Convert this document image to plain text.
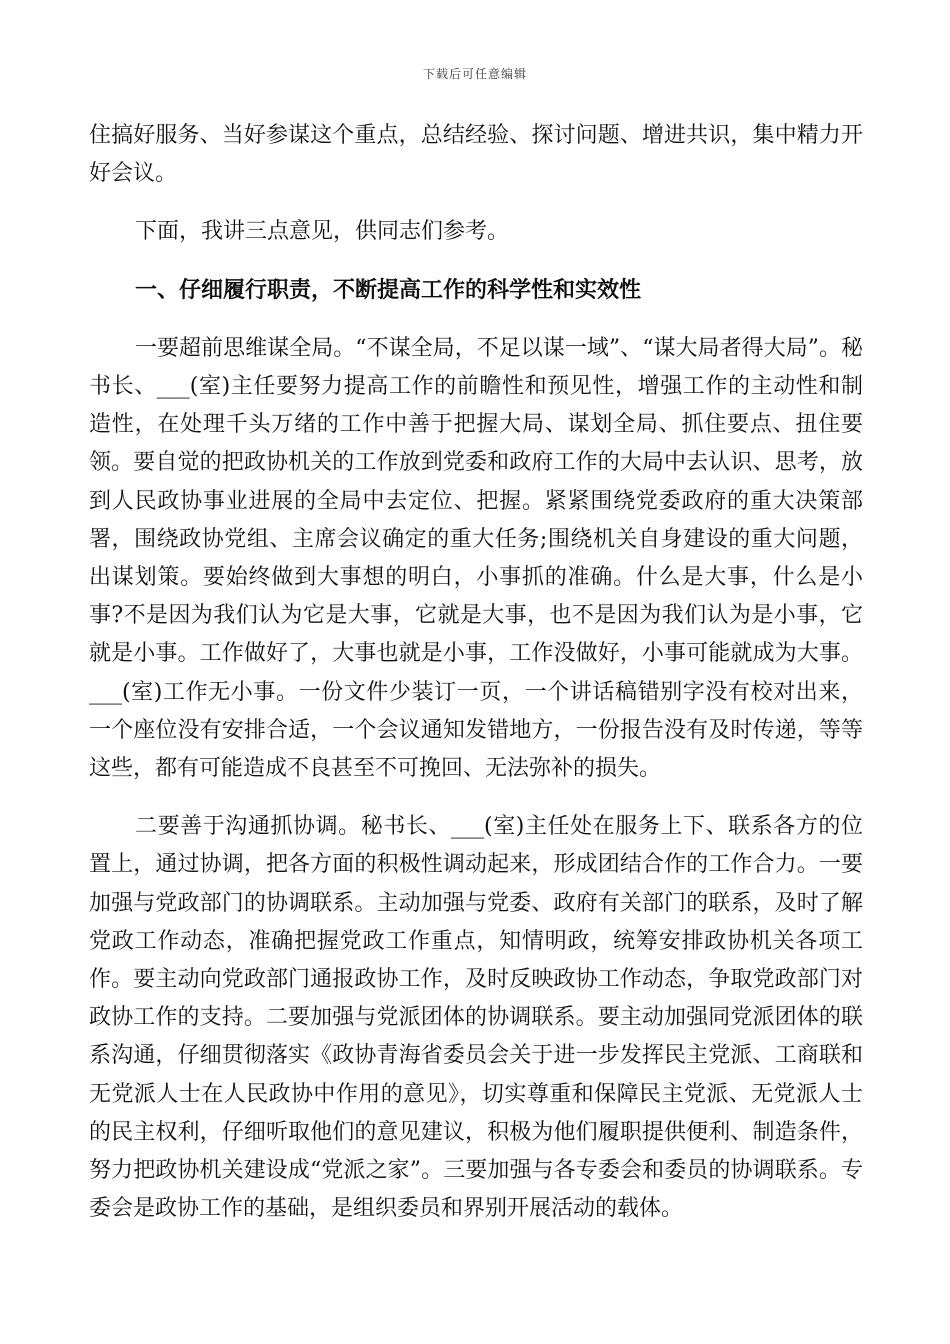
下载后可任意编辑

住搞好服务、当好参谋这个重点，总结经验、探讨问题、增进共识，集中精力开好会议。

下面，我讲三点意见，供同志们参考。

一、仔细履行职责，不断提高工作的科学性和实效性

一要超前思维谋全局。“不谋全局，不足以谋一域”、“谋大局者得大局”。秘书长、___(室)主任要努力提高工作的前瞻性和预见性，增强工作的主动性和制造性，在处理千头万绪的工作中善于把握大局、谋划全局、抓住要点、扭住要领。要自觉的把政协机关的工作放到党委和政府工作的大局中去认识、思考，放到人民政协事业进展的全局中去定位、把握。紧紧围绕党委政府的重大决策部署，围绕政协党组、主席会议确定的重大任务;围绕机关自身建设的重大问题，出谋划策。要始终做到大事想的明白，小事抓的准确。什么是大事，什么是小事?不是因为我们认为它是大事，它就是大事，也不是因为我们认为是小事，它就是小事。工作做好了，大事也就是小事，工作没做好，小事可能就成为大事。___(室)工作无小事。一份文件少装订一页，一个讲话稿错别字没有校对出来，一个座位没有安排合适，一个会议通知发错地方，一份报告没有及时传递，等等这些，都有可能造成不良甚至不可挽回、无法弥补的损失。

二要善于沟通抓协调。秘书长、___(室)主任处在服务上下、联系各方的位置上，通过协调，把各方面的积极性调动起来，形成团结合作的工作合力。一要加强与党政部门的协调联系。主动加强与党委、政府有关部门的联系，及时了解党政工作动态，准确把握党政工作重点，知情明政，统筹安排政协机关各项工作。要主动向党政部门通报政协工作，及时反映政协工作动态，争取党政部门对政协工作的支持。二要加强与党派团体的协调联系。要主动加强同党派团体的联系沟通，仔细贯彻落实《政协青海省委员会关于进一步发挥民主党派、工商联和无党派人士在人民政协中作用的意见》，切实尊重和保障民主党派、无党派人士的民主权利，仔细听取他们的意见建议，积极为他们履职提供便利、制造条件，努力把政协机关建设成“党派之家”。三要加强与各专委会和委员的协调联系。专委会是政协工作的基础，是组织委员和界别开展活动的载体。
